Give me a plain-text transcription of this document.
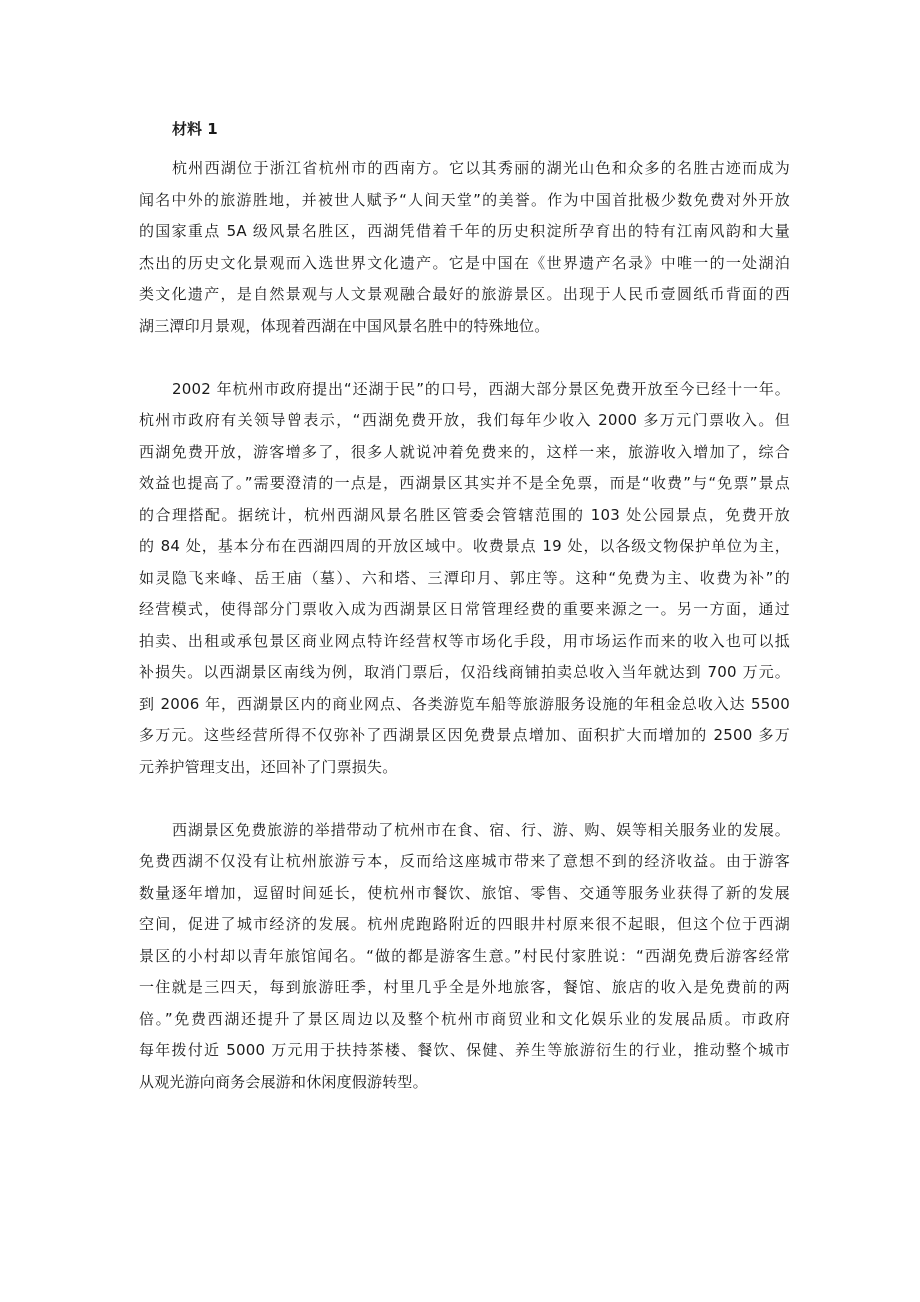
材料 1

杭州西湖位于浙江省杭州市的西南方。它以其秀丽的湖光山色和众多的名胜古迹而成为

闻名中外的旅游胜地，并被世人赋予“人间天堂”的美誉。作为中国首批极少数免费对外开放

的国家重点 5A 级风景名胜区，西湖凭借着千年的历史积淀所孕育出的特有江南风韵和大量

杰出的历史文化景观而入选世界文化遗产。它是中国在《世界遗产名录》中唯一的一处湖泊

类文化遗产，是自然景观与人文景观融合最好的旅游景区。出现于人民币壹圆纸币背面的西

湖三潭印月景观，体现着西湖在中国风景名胜中的特殊地位。

2002 年杭州市政府提出“还湖于民”的口号，西湖大部分景区免费开放至今已经十一年。

杭州市政府有关领导曾表示，“西湖免费开放，我们每年少收入 2000 多万元门票收入。但

西湖免费开放，游客增多了，很多人就说冲着免费来的，这样一来，旅游收入增加了，综合

效益也提高了。”需要澄清的一点是，西湖景区其实并不是全免票，而是“收费”与“免票”景点

的合理搭配。据统计，杭州西湖风景名胜区管委会管辖范围的 103 处公园景点，免费开放

的 84 处，基本分布在西湖四周的开放区域中。收费景点 19 处，以各级文物保护单位为主，

如灵隐飞来峰、岳王庙（墓）、六和塔、三潭印月、郭庄等。这种“免费为主、收费为补”的

经营模式，使得部分门票收入成为西湖景区日常管理经费的重要来源之一。另一方面，通过

拍卖、出租或承包景区商业网点特许经营权等市场化手段，用市场运作而来的收入也可以抵

补损失。以西湖景区南线为例，取消门票后，仅沿线商铺拍卖总收入当年就达到 700 万元。

到 2006 年，西湖景区内的商业网点、各类游览车船等旅游服务设施的年租金总收入达 5500

多万元。这些经营所得不仅弥补了西湖景区因免费景点增加、面积扩大而增加的 2500 多万

元养护管理支出，还回补了门票损失。

西湖景区免费旅游的举措带动了杭州市在食、宿、行、游、购、娱等相关服务业的发展。

免费西湖不仅没有让杭州旅游亏本，反而给这座城市带来了意想不到的经济收益。由于游客

数量逐年增加，逗留时间延长，使杭州市餐饮、旅馆、零售、交通等服务业获得了新的发展

空间，促进了城市经济的发展。杭州虎跑路附近的四眼井村原来很不起眼，但这个位于西湖

景区的小村却以青年旅馆闻名。“做的都是游客生意。”村民付家胜说：“西湖免费后游客经常

一住就是三四天，每到旅游旺季，村里几乎全是外地旅客，餐馆、旅店的收入是免费前的两

倍。”免费西湖还提升了景区周边以及整个杭州市商贸业和文化娱乐业的发展品质。市政府

每年拨付近 5000 万元用于扶持茶楼、餐饮、保健、养生等旅游衍生的行业，推动整个城市

从观光游向商务会展游和休闲度假游转型。
